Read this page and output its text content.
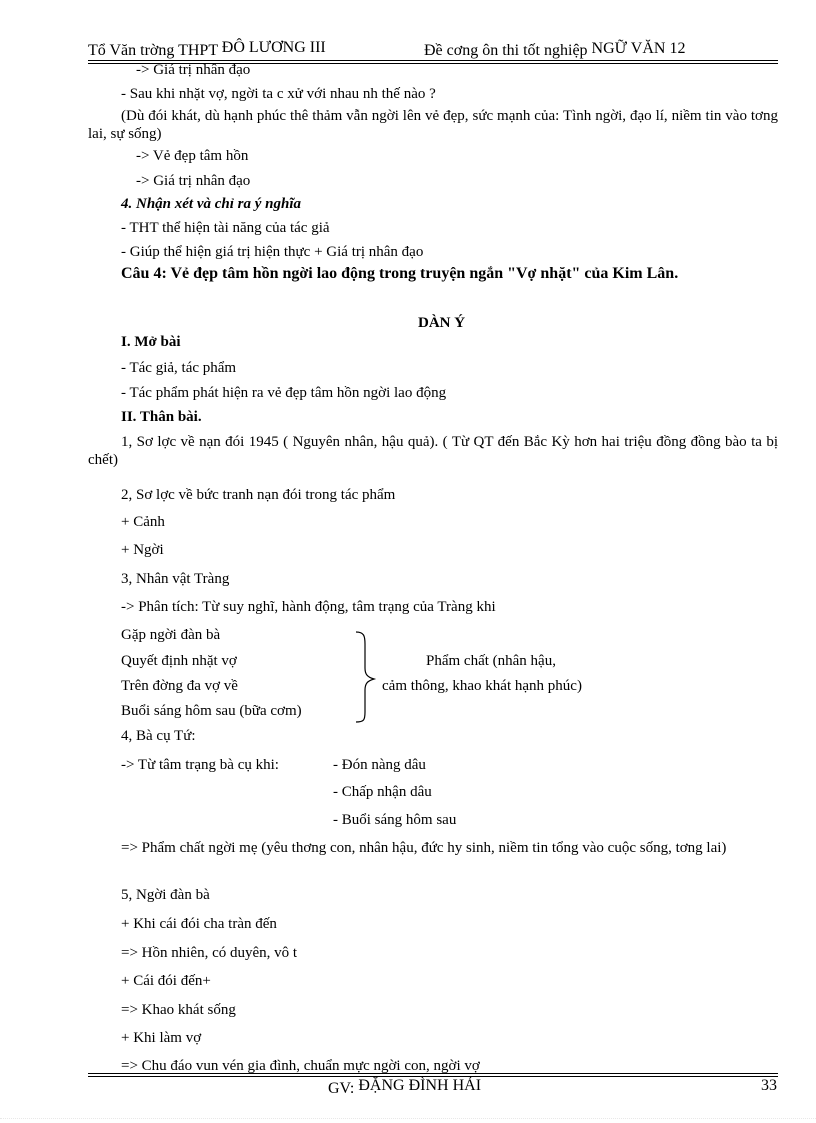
Tổ Văn trờng THPT ĐÔ LƯƠNG III	Đề cơng ôn thi tốt nghiệp NGỮ VĂN 12
-> Giá trị nhân đạo
- Sau khi nhặt vợ, ngời ta c xử với nhau nh thế nào ?
(Dù đói khát, dù hạnh phúc thê thảm vẫn ngời lên vẻ đẹp, sức mạnh của: Tình ngời, đạo lí, niềm tin vào tơng lai, sự sống)
-> Vẻ đẹp tâm hồn
-> Giá trị nhân đạo
4. Nhận xét và chỉ ra ý nghĩa
- THT thể hiện tài năng của tác giả
- Giúp thể hiện giá trị hiện thực + Giá trị nhân đạo
Câu 4: Vẻ đẹp tâm hồn ngời lao động trong truyện ngắn "Vợ nhặt" của Kim Lân.
DÀN Ý
I. Mở bài
- Tác giả, tác phẩm
- Tác phẩm phát hiện ra vẻ đẹp tâm hồn ngời lao động
II. Thân bài.
1, Sơ lợc về nạn đói 1945 ( Nguyên nhân, hậu quả). ( Từ QT đến Bắc Kỳ hơn hai triệu đồng đồng bào ta bị chết)
2, Sơ lợc về bức tranh nạn đói trong tác phẩm
+ Cảnh
+ Ngời
3, Nhân vật Tràng
-> Phân tích: Từ suy nghĩ, hành động, tâm trạng của Tràng khi
Gặp ngời đàn bà
Quyết định nhặt vợ
Trên đờng đa vợ về
Buổi sáng hôm sau (bữa cơm)
Phẩm chất (nhân hậu,
cảm thông, khao khát hạnh phúc)
4, Bà cụ Tứ:
-> Từ tâm trạng bà cụ khi:	- Đón nàng dâu
- Chấp nhận dâu
- Buổi sáng hôm sau
=> Phẩm chất ngời mẹ (yêu thơng con, nhân hậu, đức hy sinh, niềm tin tổng vào cuộc sống, tơng lai)
5, Ngời đàn bà
+ Khi cái đói cha tràn đến
=> Hồn nhiên, có duyên, vô t
+ Cái đói đến+
=> Khao khát sống
+ Khi làm vợ
=> Chu đáo vun vén gia đình, chuẩn mực ngời con, ngời vợ
GV: ĐẶNG ĐÌNH HẢI	33
